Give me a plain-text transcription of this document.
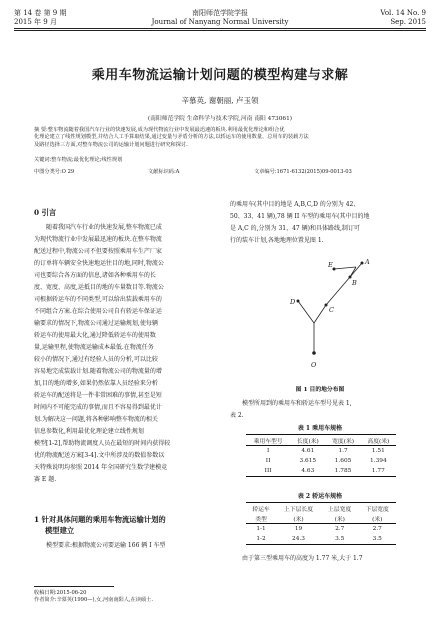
第 14 卷 第 9 期
2015 年 9 月
南阳师范学院学报
Journal of Nanyang Normal University
Vol. 14 No. 9
Sep. 2015
乘用车物流运输计划问题的模型构建与求解
辛慕英, 谢朝丽, 卢玉领
(南阳师范学院 生命科学与技术学院,河南 南阳 473061)
摘 要:整车物流随着我国汽车行业的快速发展,成为现代物流行业中发展最迅速的板块.利用最优化理论和组合优
化理论建立了线性规划模型,并结合人工手算取结果,通过变量与矛盾分析的方法,以轿运车的使用数量、总用车的装载方法
及路径选择三方面,对整车物流公司的运输计划问题进行研究和探讨.
关键词:整车物流;最优化理论;线性规划
中图分类号:O 29	文献标识码:A	文章编号:1671-6132(2015)09-0013-03
0 引言
随着我国汽车行业的快速发展,整车物流已成
为现代物流行业中发展最迅速的板块.在整车物流
配送过程中,物流公司不但要按照乘用车生产厂家
的订单将车辆安全快速地运往目的地,同时,物流公
司也要综合各方面的信息,诸如各种乘用车的长
度、宽度、高度,运抵目的地的车量数目等.物流公
司根据轿运车的不同类型,可以给出装载乘用车的
不同组合方案.在综合使用公司自有轿运车保证运
输要求的情况下,物流公司通过运输规划,使每辆
轿运车的使用最大化,通过降低轿运车的使用数
量,运输里程,使物流运输成本最低.在物流任务
较小的情况下,通过有经验人员的分析,可以比较
容易地完成装载计划.随着物流公司的物流量的增
加,目的地的增多,如果仍然依靠人员经验来分析
轿运车的配送将是一件非常困难的事情,甚至是短
时间内不可能完成的事情,而且不容易得到最优计
划.为解决这一问题,将各种影响整车物流的相关
信息参数化,利用最优化理论建立线性规划
模型[1-2],帮助物流调度人员在最短的时间内获得较
优的物流配送方案[3-4].文中所涉及的数值参数以
天特殊说明均参照 2014 年全国研究生数学建模竞
赛 E 题.
1 针对具体问题的乘用车物流运输计划的
模型建立
模型要求:根据物流公司要运输 166 辆 I 车型
的乘用车(其中目的地是 A,B,C,D 的分别为 42、
50、33、41 辆),78 辆 II 车型的乘用车(其中目的地
是 A,C 的,分别为 31、47 辆)和具体路线,制订可
行的装车计划,各地地理位置见图 1.
E	A
B
C
D
O
图 1 目的地分布图
模型所用到的乘用车和轿运车型号见表 1,
表 2.
表 1 乘用车规格
乘用车型号	长度(米)	宽度(米)	高度(米)
I	4.61	1.7	1.51
II	3.615	1.605	1.394
III	4.63	1.785	1.77
表 2 轿运车规格
轿运车	上下层长度	上层宽度	下层宽度
类型	(米)	(米)	(米)
1-1	19	2.7	2.7
1-2	24.3	3.5	3.5
由于第三型乘用车的高度为 1.77 米,大于 1.7
收稿日期:2015-06-20
作者简介:辛慕英(1990—),女,河南南阳人,在读硕士.
